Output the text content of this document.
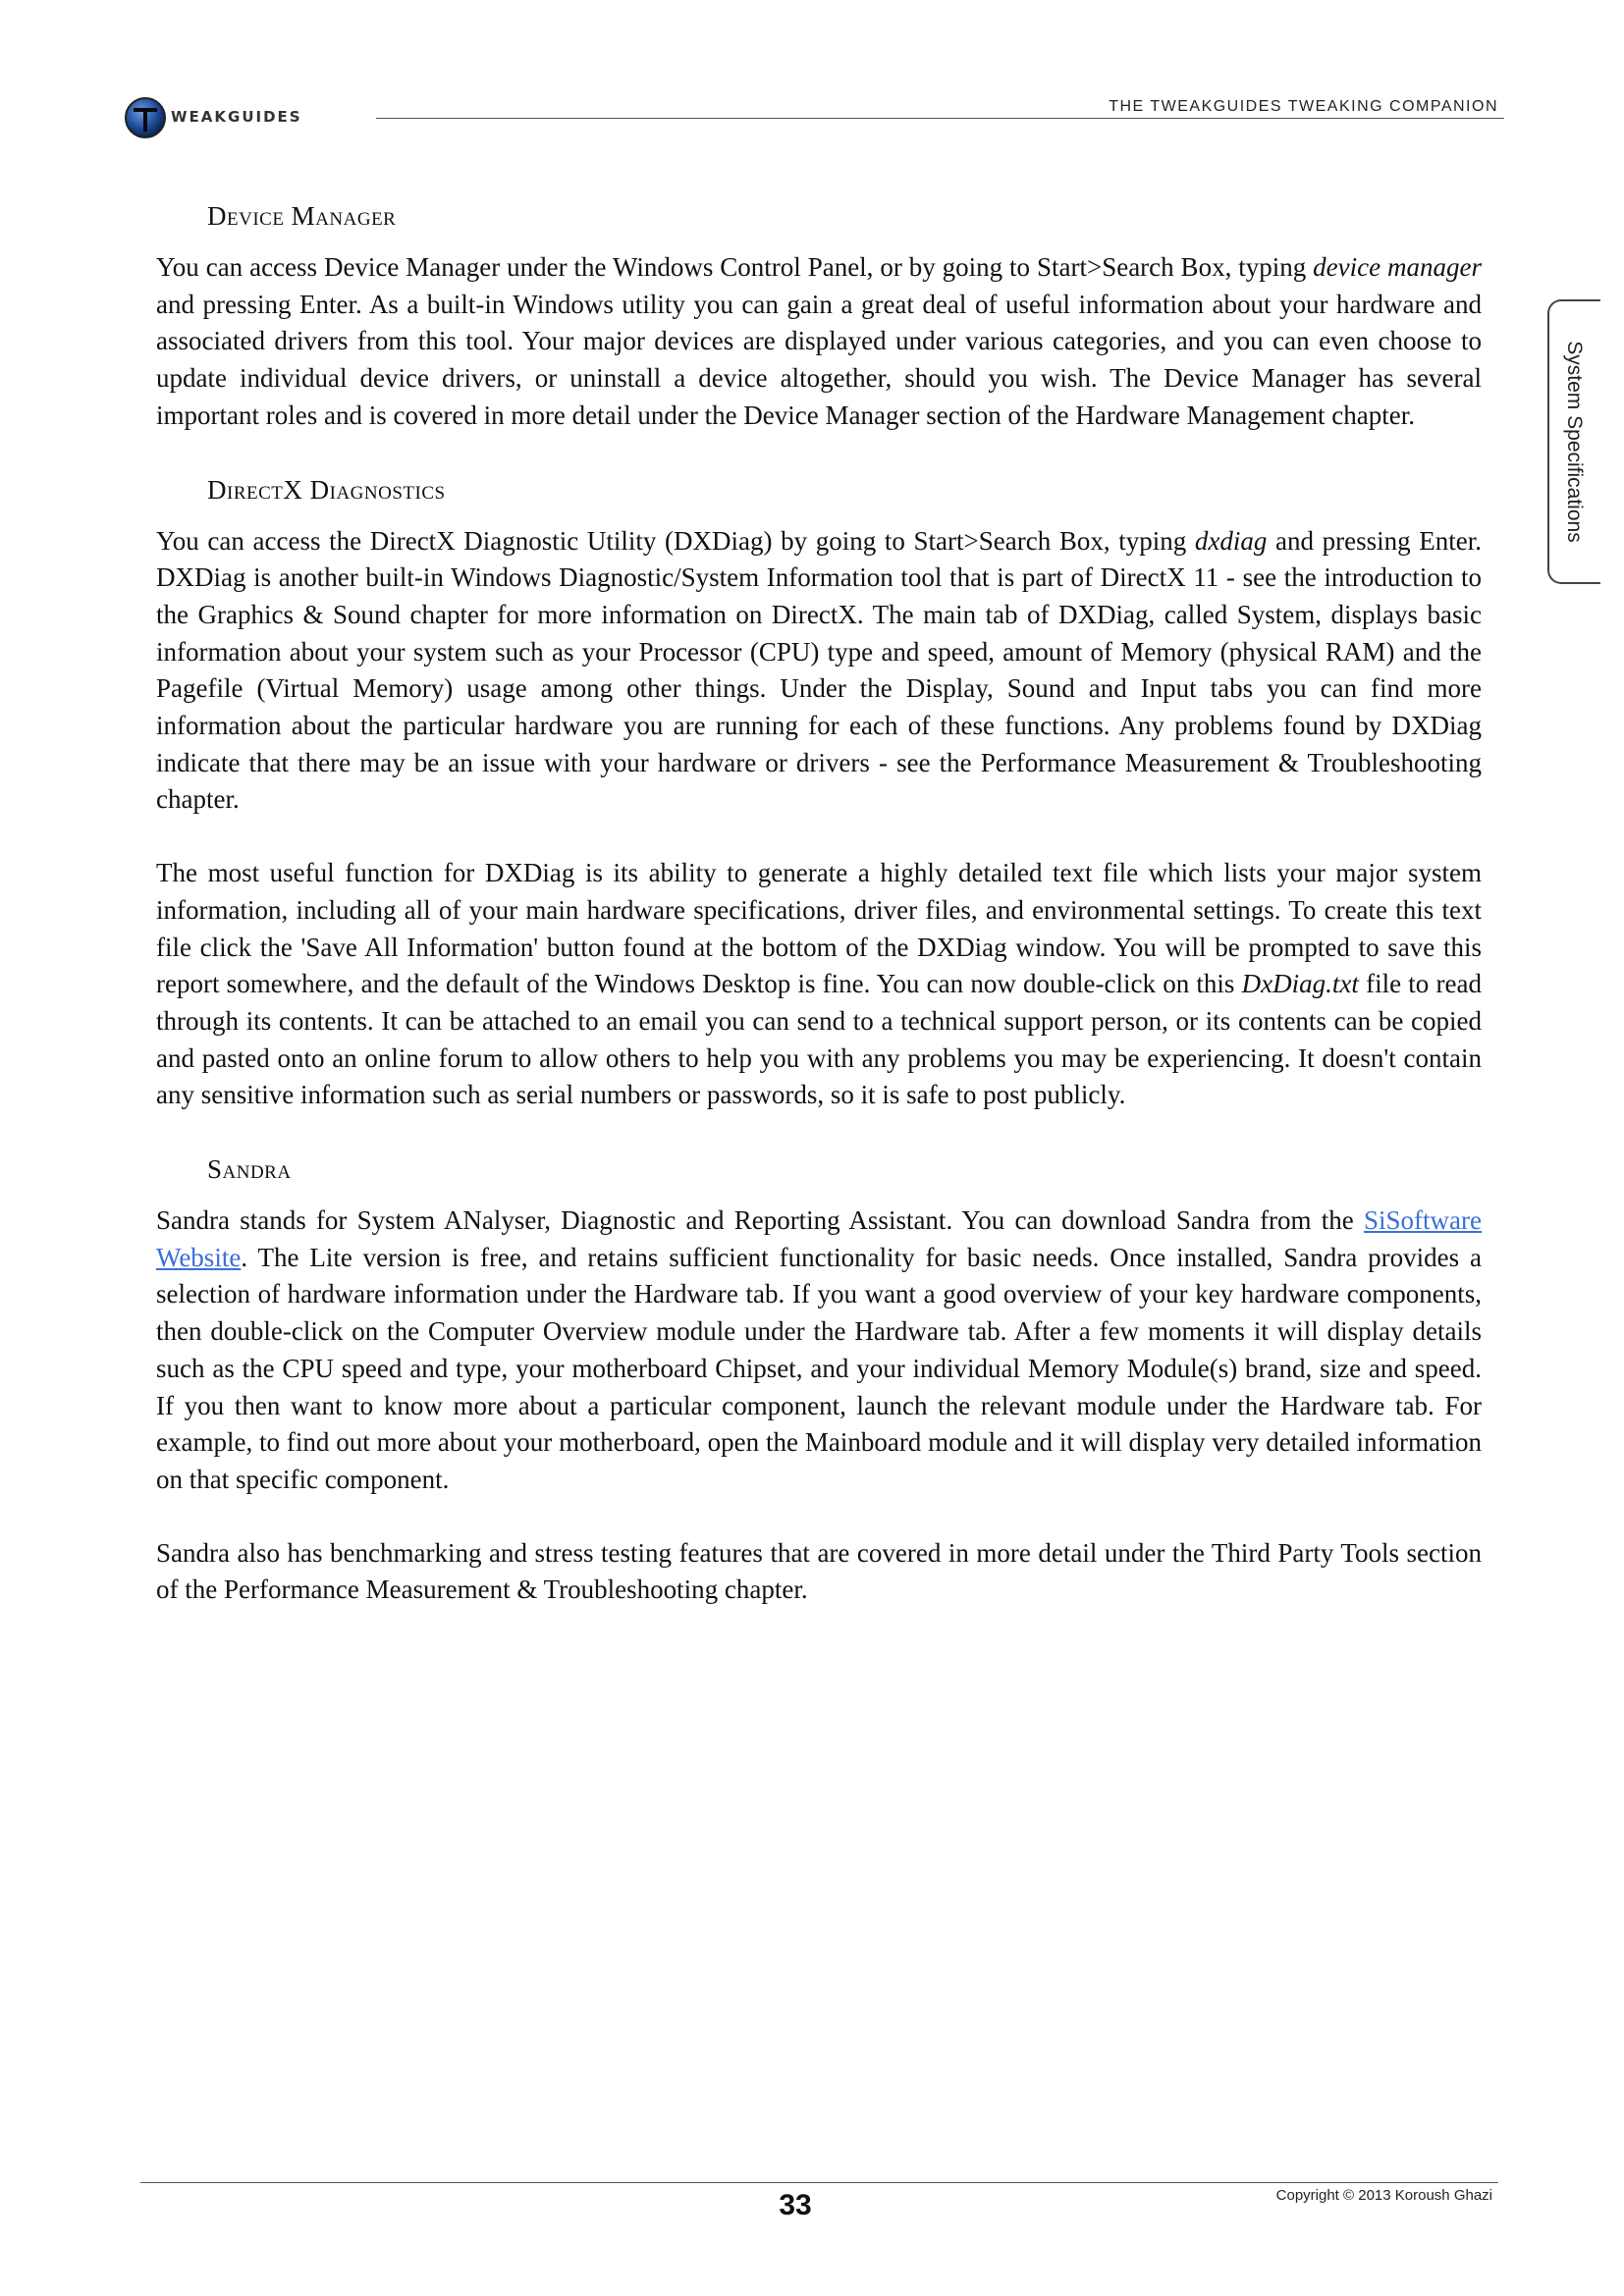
WEAKGUIDES
THE TWEAKGUIDES TWEAKING COMPANION
System Specifications
Device Manager

You can access Device Manager under the Windows Control Panel, or by going to Start>Search Box, typing device manager and pressing Enter. As a built-in Windows utility you can gain a great deal of useful information about your hardware and associated drivers from this tool. Your major devices are displayed under various categories, and you can even choose to update individual device drivers, or uninstall a device altogether, should you wish. The Device Manager has several important roles and is covered in more detail under the Device Manager section of the Hardware Management chapter.

DirectX Diagnostics

You can access the DirectX Diagnostic Utility (DXDiag) by going to Start>Search Box, typing dxdiag and pressing Enter. DXDiag is another built-in Windows Diagnostic/System Information tool that is part of DirectX 11 - see the introduction to the Graphics & Sound chapter for more information on DirectX. The main tab of DXDiag, called System, displays basic information about your system such as your Processor (CPU) type and speed, amount of Memory (physical RAM) and the Pagefile (Virtual Memory) usage among other things. Under the Display, Sound and Input tabs you can find more information about the particular hardware you are running for each of these functions. Any problems found by DXDiag indicate that there may be an issue with your hardware or drivers - see the Performance Measurement & Troubleshooting chapter.

The most useful function for DXDiag is its ability to generate a highly detailed text file which lists your major system information, including all of your main hardware specifications, driver files, and environmental settings. To create this text file click the 'Save All Information' button found at the bottom of the DXDiag window. You will be prompted to save this report somewhere, and the default of the Windows Desktop is fine. You can now double-click on this DxDiag.txt file to read through its contents. It can be attached to an email you can send to a technical support person, or its contents can be copied and pasted onto an online forum to allow others to help you with any problems you may be experiencing. It doesn't contain any sensitive information such as serial numbers or passwords, so it is safe to post publicly.

Sandra

Sandra stands for System ANalyser, Diagnostic and Reporting Assistant. You can download Sandra from the SiSoftware Website. The Lite version is free, and retains sufficient functionality for basic needs. Once installed, Sandra provides a selection of hardware information under the Hardware tab. If you want a good overview of your key hardware components, then double-click on the Computer Overview module under the Hardware tab. After a few moments it will display details such as the CPU speed and type, your motherboard Chipset, and your individual Memory Module(s) brand, size and speed. If you then want to know more about a particular component, launch the relevant module under the Hardware tab. For example, to find out more about your motherboard, open the Mainboard module and it will display very detailed information on that specific component.

Sandra also has benchmarking and stress testing features that are covered in more detail under the Third Party Tools section of the Performance Measurement & Troubleshooting chapter.

33	Copyright © 2013 Koroush Ghazi
